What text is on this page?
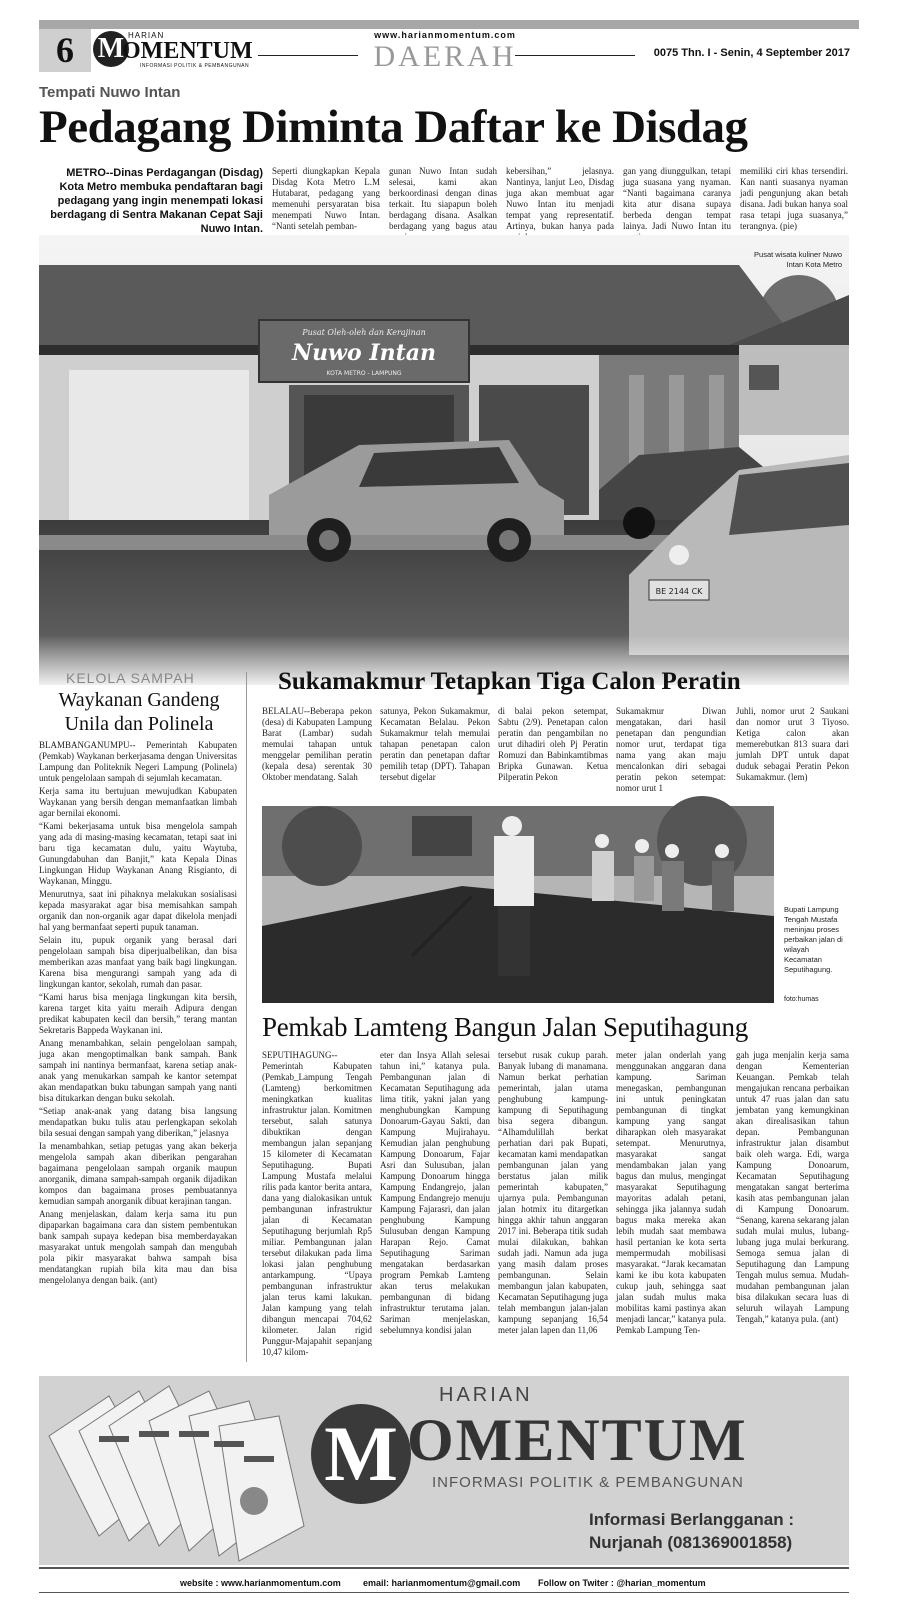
6 M HARIAN
OMENTUM
INFORMASI POLITIK & PEMBANGUNAN
www.harianmomentum.com
DAERAH	0075 Thn. I - Senin, 4 September 2017
Tempati Nuwo Intan
Pedagang Diminta Daftar ke Disdag
METRO--Dinas Perdagangan (Disdag) Kota Metro membuka pendaftaran bagi pedagang yang ingin menempati lokasi berdagang di Sentra Makanan Cepat Saji Nuwo Intan.
Seperti diungkapkan Kepala Disdag Kota Metro L.M Hutabarat, pedagang yang memenuhi persyaratan bisa menempati Nuwo Intan. “Nanti setelah pemban-
gunan Nuwo Intan sudah selesai, kami akan berkoordinasi dengan dinas terkait. Itu siapapun boleh berdagang disana. Asalkan berdagang yang bagus atau
kebersihan,” jelasnya. Nantinya, lanjut Leo, Disdag juga akan membuat agar Nuwo Intan itu menjadi tempat yang representatif. Artinya, bukan hanya pada
gan yang diunggulkan, tetapi juga suasana yang nyaman. “Nanti bagaimana caranya kita atur disana supaya berbeda dengan tempat lainya. Jadi Nuwo Intan itu
memiliki ciri khas tersendiri. Kan nanti suasanya nyaman jadi pengunjung akan betah disana. Jadi bukan hanya soal rasa tetapi juga suasanya,” terangnya. (pie)
Pusat Oleh-oleh dan Kerajinan
Nuwo Intan
KOTA METRO - LAMPUNG
BE 2144 CK
Pusat wisata kuliner Nuwo Intan Kota Metro
KELOLA SAMPAH
Waykanan Gandeng Unila dan Polinela

BLAMBANGANUMPU-- Pemerintah Kabupaten (Pemkab) Waykanan berkerjasama dengan Universitas Lampung dan Politeknik Negeri Lampung (Polinela) untuk pengelolaan sampah di sejumlah kecamatan.

Kerja sama itu bertujuan mewujudkan Kabupaten Waykanan yang bersih dengan memanfaatkan limbah agar bernilai ekonomi.

“Kami bekerjasama untuk bisa mengelola sampah yang ada di masing-masing kecamatan, tetapi saat ini baru tiga kecamatan dulu, yaitu Waytuba, Gunungdabuhan dan Banjit,” kata Kepala Dinas Lingkungan Hidup Waykanan Anang Risgianto, di Waykanan, Minggu.

Menurutnya, saat ini pihaknya melakukan sosialisasi kepada masyarakat agar bisa memisahkan sampah organik dan non-organik agar dapat dikelola menjadi hal yang bermanfaat seperti pupuk tanaman.

Selain itu, pupuk organik yang berasal dari pengelolaan sampah bisa diperjualbelikan, dan bisa memberikan azas manfaat yang baik bagi lingkungan. Karena bisa mengurangi sampah yang ada di lingkungan kantor, sekolah, rumah dan pasar.

“Kami harus bisa menjaga lingkungan kita bersih, karena target kita yaitu meraih Adipura dengan predikat kabupaten kecil dan bersih,” terang mantan Sekretaris Bappeda Waykanan ini.

Anang menambahkan, selain pengelolaan sampah, juga akan mengoptimalkan bank sampah. Bank sampah ini nantinya bermanfaat, karena setiap anak-anak yang menukarkan sampah ke kantor setempat akan mendapatkan buku tabungan sampah yang nanti bisa ditukarkan dengan buku sekolah.

“Setiap anak-anak yang datang bisa langsung mendapatkan buku tulis atau perlengkapan sekolah bila sesuai dengan sampah yang diberikan,” jelasnya

Ia menambahkan, setiap petugas yang akan bekerja mengelola sampah akan diberikan pengarahan bagaimana pengelolaan sampah organik maupun anorganik, dimana sampah-sampah organik dijadikan kompos dan bagaimana proses pembuatannya kemudian sampah anorganik dibuat kerajinan tangan.

Anang menjelaskan, dalam kerja sama itu pun dipaparkan bagaimana cara dan sistem pembentukan bank sampah supaya kedepan bisa memberdayakan masyarakat untuk mengolah sampah dan mengubah pola pikir masyarakat bahwa sampah bisa mendatangkan rupiah bila kita mau dan bisa mengelolanya dengan baik. (ant)

Sukamakmur Tetapkan Tiga Calon Peratin
BELALAU--Beberapa pekon (desa) di Kabupaten Lampung Barat (Lambar) sudah memulai tahapan untuk menggelar pemilihan peratin (kepala desa) serentak 30 Oktober mendatang. Salah
satunya, Pekon Sukamakmur, Kecamatan Belalau. Pekon Sukamakmur telah memulai tahapan penetapan calon peratin dan penetapan daftar pemilih tetap (DPT). Tahapan tersebut digelar
di balai pekon setempat, Sabtu (2/9). Penetapan calon peratin dan pengambilan no urut dihadiri oleh Pj Peratin Romuzi dan Babinkamtibmas Bripka Gunawan. Ketua Pilperatin Pekon
Sukamakmur Diwan mengatakan, dari hasil penetapan dan pengundian nomor urut, terdapat tiga nama yang akan maju mencalonkan diri sebagai peratin pekon setempat: nomor urut 1
Juhli, nomor urut 2 Saukani dan nomor urut 3 Tiyoso. Ketiga calon akan memerebutkan 813 suara dari jumlah DPT untuk dapat duduk sebagai Peratin Pekon Sukamakmur. (lem)
Bupati Lampung Tengah Mustafa meninjau proses perbaikan jalan di wilayah Kecamatan Seputihagung.
foto:humas
Pemkab Lamteng Bangun Jalan Seputihagung
SEPUTIHAGUNG-- Pemerintah Kabupaten (Pemkab_Lampung Tengah (Lamteng) berkomitmen meningkatkan kualitas infrastruktur jalan. Komitmen tersebut, salah satunya dibuktikan dengan membangun jalan sepanjang 15 kilometer di Kecamatan Seputihagung. Bupati Lampung Mustafa melalui rilis pada kantor berita antara, dana yang dialokasikan untuk pembangunan infrastruktur jalan di Kecamatan Seputihagung berjumlah Rp5 miliar. Pembangunan jalan tersebut dilakukan pada lima lokasi jalan penghubung antarkampung. “Upaya pembangunan infrastruktur jalan terus kami lakukan. Jalan kampung yang telah dibangun mencapai 704,62 kilometer. Jalan rigid Punggur-Majapahit sepanjang 10,47 kilom-
eter dan Insya Allah selesai tahun ini,” katanya pula. Pembangunan jalan di Kecamatan Seputihagung ada lima titik, yakni jalan yang menghubungkan Kampung Donoarum-Gayau Sakti, dan Kampung Mujirahayu. Kemudian jalan penghubung Kampung Donoarum, Fajar Asri dan Sulusuban, jalan Kampung Donoarum hingga Kampung Endangrejo, jalan Kampung Endangrejo menuju Kampung Fajarasri, dan jalan penghubung Kampung Sulusuban dengan Kampung Harapan Rejo. Camat Seputihagung Sariman mengatakan berdasarkan program Pemkab Lamteng akan terus melakukan pembangunan di bidang infrastruktur terutama jalan. Sariman menjelaskan, sebelumnya kondisi jalan
tersebut rusak cukup parah. Banyak lubang di manamana. Namun berkat perhatian pemerintah, jalan utama penghubung kampung-kampung di Seputihagung bisa segera dibangun. “Alhamdulillah berkat perhatian dari pak Bupati, kecamatan kami mendapatkan pembangunan jalan yang berstatus jalan milik pemerintah kabupaten,” ujarnya pula. Pembangunan jalan hotmix itu ditargetkan hingga akhir tahun anggaran 2017 ini. Beberapa titik sudah mulai dilakukan, bahkan sudah jadi. Namun ada juga yang masih dalam proses pembangunan. Selain membangun jalan kabupaten, Kecamatan Seputihagung juga telah membangun jalan-jalan kampung sepanjang 16,54 meter jalan lapen dan 11,06
meter jalan onderlah yang menggunakan anggaran dana kampung. Sariman menegaskan, pembangunan ini untuk peningkatan pembangunan di tingkat kampung yang sangat diharapkan oleh masyarakat setempat. Menurutnya, masyarakat sangat mendambakan jalan yang bagus dan mulus, mengingat masyarakat Seputihagung mayoritas adalah petani, sehingga jika jalannya sudah bagus maka mereka akan lebih mudah saat membawa hasil pertanian ke kota serta mempermudah mobilisasi masyarakat. “Jarak kecamatan kami ke ibu kota kabupaten cukup jauh, sehingga saat jalan sudah mulus maka mobilitas kami pastinya akan menjadi lancar,” katanya pula. Pemkab Lampung Ten-
gah juga menjalin kerja sama dengan Kementerian Keuangan. Pemkab telah mengajukan rencana perbaikan untuk 47 ruas jalan dan satu jembatan yang kemungkinan akan direalisasikan tahun depan. Pembangunan infrastruktur jalan disambut baik oleh warga. Edi, warga Kampung Donoarum, Kecamatan Seputihagung mengatakan sangat berterima kasih atas pembangunan jalan di Kampung Donoarum. “Senang, karena sekarang jalan sudah mulai mulus, lubang-lubang juga mulai berkurang. Semoga semua jalan di Seputihagung dan Lampung Tengah mulus semua. Mudah-mudahan pembangunan jalan bisa dilakukan secara luas di seluruh wilayah Lampung Tengah,” katanya pula. (ant)
HARIAN
M OMENTUM
INFORMASI POLITIK & PEMBANGUNAN
Informasi Berlangganan :
Nurjanah (081369001858)
website : www.harianmomentum.com email: harianmomentum@gmail.com Follow on Twiter : @harian_momentum
